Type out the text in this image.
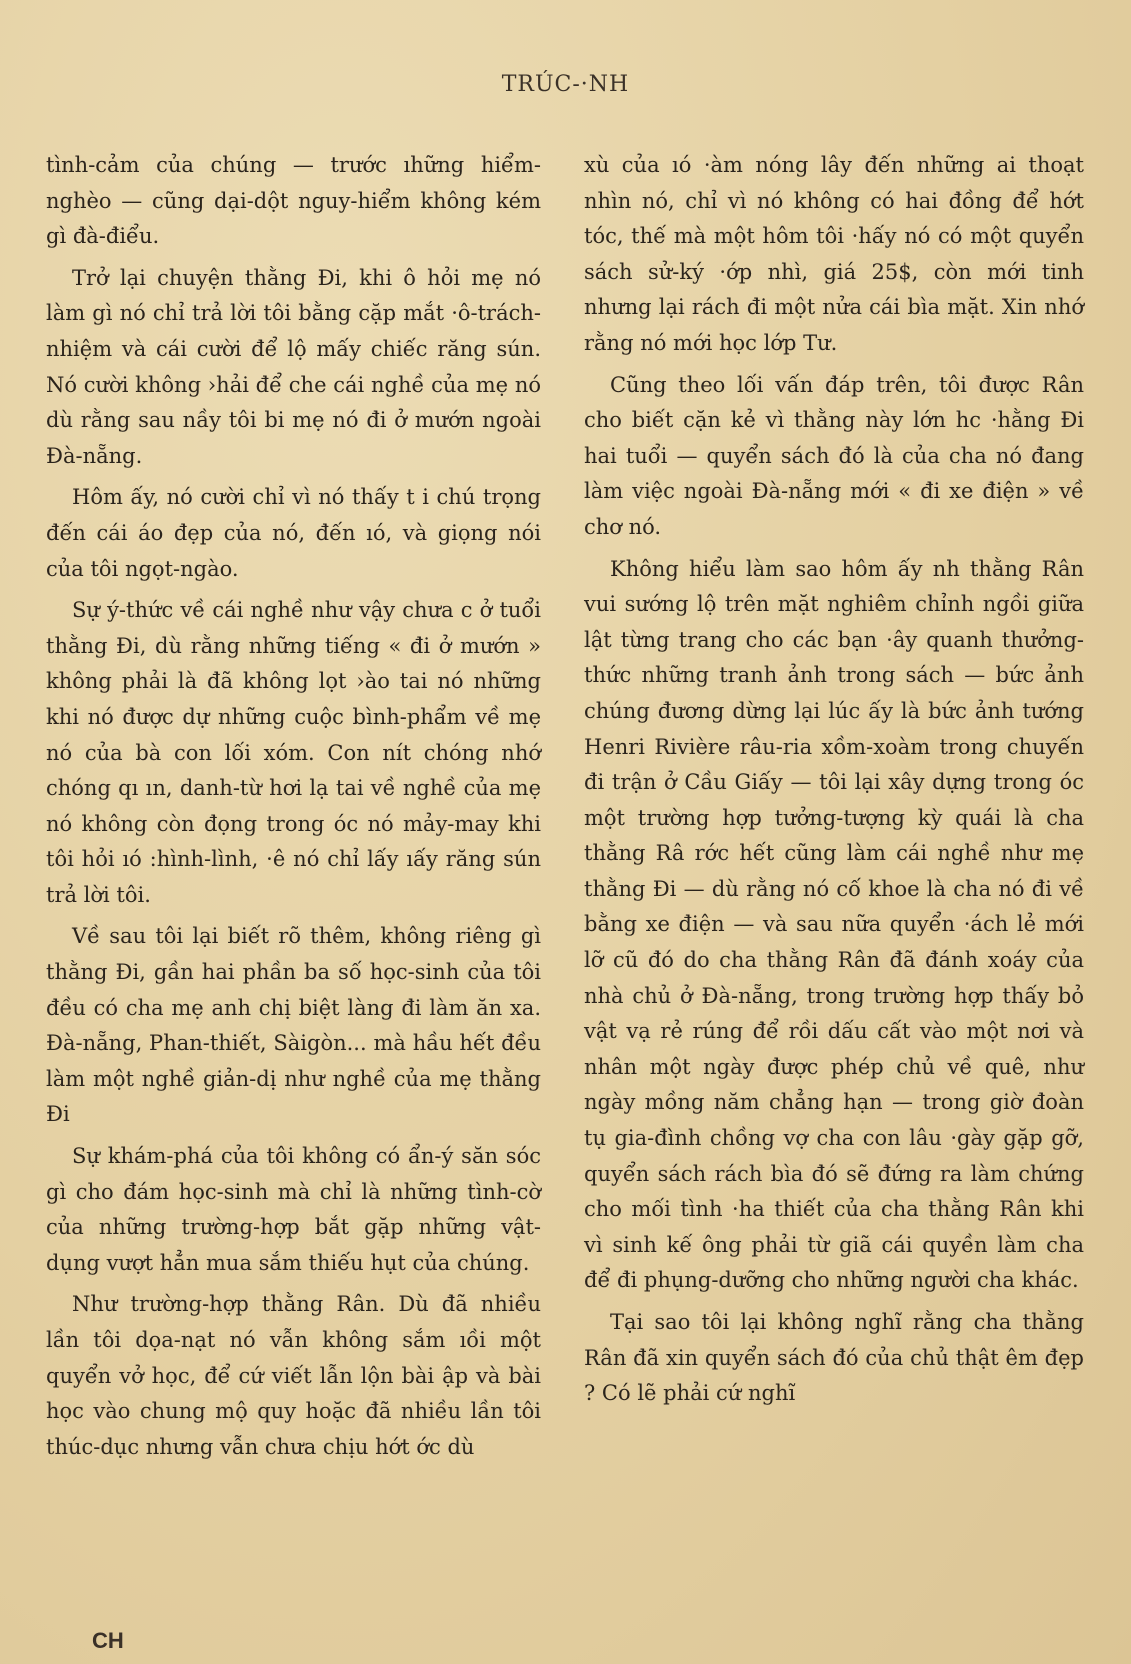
TRÚC-·NH

tình-cảm của chúng — trước ıhững hiểm-nghèo — cũng dại-dột nguy-hiểm không kém gì đà-điểu.

Trở lại chuyện thằng Đi, khi ô hỏi mẹ nó làm gì nó chỉ trả lời tôi bằng cặp mắt ·ô-trách-nhiệm và cái cười để lộ mấy chiếc răng sún. Nó cười không ›hải để che cái nghề của mẹ nó dù rằng sau nầy tôi bi mẹ nó đi ở mướn ngoài Đà-nẵng.

Hôm ấy, nó cười chỉ vì nó thấy t i chú trọng đến cái áo đẹp của nó, đến ıó, và giọng nói của tôi ngọt-ngào.

Sự ý-thức về cái nghề như vậy chưa c ở tuổi thằng Đi, dù rằng những tiếng « đi ở mướn » không phải là đã không lọt ›ào tai nó những khi nó được dự những cuộc bình-phẩm về mẹ nó của bà con lối xóm. Con nít chóng nhớ chóng qı ın, danh-từ hơi lạ tai về nghề của mẹ nó không còn đọng trong óc nó mảy-may khi tôi hỏi ıó :hình-lình, ·ê nó chỉ lấy ıấy răng sún trả lời tôi.

Về sau tôi lại biết rõ thêm, không riêng gì thằng Đi, gần hai phần ba số học-sinh của tôi đều có cha mẹ anh chị biệt làng đi làm ăn xa. Đà-nẵng, Phan-thiết, Sàigòn... mà hầu hết đều làm một nghề giản-dị như nghề của mẹ thằng Đi

Sự khám-phá của tôi không có ẩn-ý săn sóc gì cho đám học-sinh mà chỉ là những tình-cờ của những trường-hợp bắt gặp những vật-dụng vượt hẳn mua sắm thiếu hụt của chúng.

Như trường-hợp thằng Rân. Dù đã nhiều lần tôi dọa-nạt nó vẫn không sắm ıồi một quyển vở học, để cứ viết lẫn lộn bài ập và bài học vào chung mộ quy hoặc đã nhiều lần tôi thúc-dục nhưng vẫn chưa chịu hớt ớc dù

xù của ıó ·àm nóng lây đến những ai thoạt nhìn nó, chỉ vì nó không có hai đồng để hớt tóc, thế mà một hôm tôi ·hấy nó có một quyển sách sử-ký ·ớp nhì, giá 25$, còn mới tinh nhưng lại rách đi một nửa cái bìa mặt. Xin nhớ rằng nó mới học lớp Tư.

Cũng theo lối vấn đáp trên, tôi được Rân cho biết cặn kẻ vì thằng này lớn hc ·hằng Đi hai tuổi — quyển sách đó là của cha nó đang làm việc ngoài Đà-nẵng mới « đi xe điện » về chơ nó.

Không hiểu làm sao hôm ấy nh thằng Rân vui sướng lộ trên mặt nghiêm chỉnh ngồi giữa lật từng trang cho các bạn ·ây quanh thưởng-thức những tranh ảnh trong sách — bức ảnh chúng đương dừng lại lúc ấy là bức ảnh tướng Henri Rivière râu-ria xồm-xoàm trong chuyến đi trận ở Cầu Giấy — tôi lại xây dựng trong óc một trường hợp tưởng-tượng kỳ quái là cha thằng Râ rớc hết cũng làm cái nghề như mẹ thằng Đi — dù rằng nó cố khoe là cha nó đi về bằng xe điện — và sau nữa quyển ·ách lẻ mới lỡ cũ đó do cha thằng Rân đã đánh xoáy của nhà chủ ở Đà-nẵng, trong trường hợp thấy bỏ vật vạ rẻ rúng để rồi dấu cất vào một nơi và nhân một ngày được phép chủ về quê, như ngày mồng năm chẳng hạn — trong giờ đoàn tụ gia-đình chồng vợ cha con lâu ·gày gặp gỡ, quyển sách rách bìa đó sẽ đứng ra làm chứng cho mối tình ·ha thiết của cha thằng Rân khi vì sinh kế ông phải từ giã cái quyền làm cha để đi phụng-dưỡng cho những người cha khác.

Tại sao tôi lại không nghĩ rằng cha thằng Rân đã xin quyển sách đó của chủ thật êm đẹp ? Có lẽ phải cứ nghĩ

CH
